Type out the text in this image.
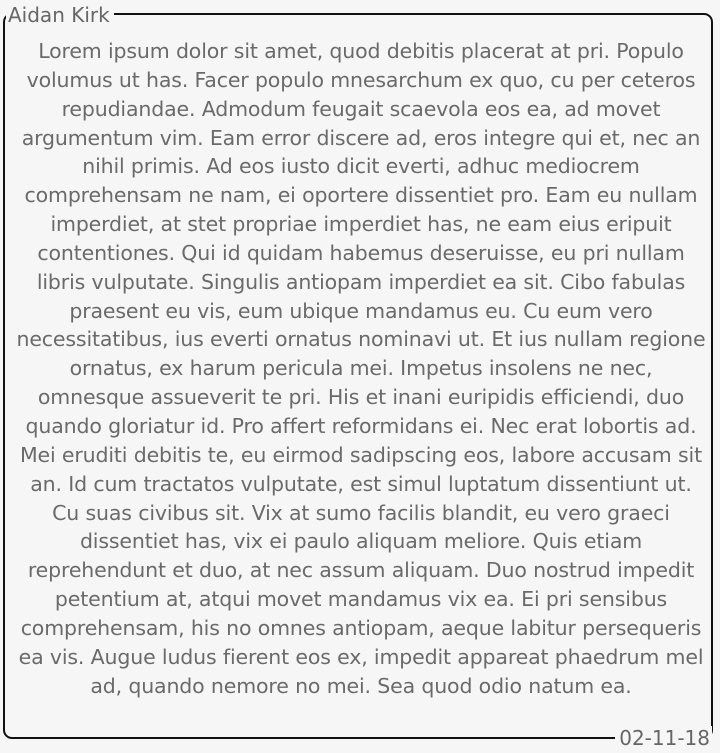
Aidan Kirk

Lorem ipsum dolor sit amet, quod debitis placerat at pri. Populo volumus ut has. Facer populo mnesarchum ex quo, cu per ceteros repudiandae. Admodum feugait scaevola eos ea, ad movet argumentum vim. Eam error discere ad, eros integre qui et, nec an nihil primis. Ad eos iusto dicit everti, adhuc mediocrem comprehensam ne nam, ei oportere dissentiet pro. Eam eu nullam imperdiet, at stet propriae imperdiet has, ne eam eius eripuit contentiones. Qui id quidam habemus deseruisse, eu pri nullam libris vulputate. Singulis antiopam imperdiet ea sit. Cibo fabulas praesent eu vis, eum ubique mandamus eu. Cu eum vero necessitatibus, ius everti ornatus nominavi ut. Et ius nullam regione ornatus, ex harum pericula mei. Impetus insolens ne nec, omnesque assueverit te pri. His et inani euripidis efficiendi, duo quando gloriatur id. Pro affert reformidans ei. Nec erat lobortis ad. Mei eruditi debitis te, eu eirmod sadipscing eos, labore accusam sit an. Id cum tractatos vulputate, est simul luptatum dissentiunt ut. Cu suas civibus sit. Vix at sumo facilis blandit, eu vero graeci dissentiet has, vix ei paulo aliquam meliore. Quis etiam reprehendunt et duo, at nec assum aliquam. Duo nostrud impedit petentium at, atqui movet mandamus vix ea. Ei pri sensibus comprehensam, his no omnes antiopam, aeque labitur persequeris ea vis. Augue ludus fierent eos ex, impedit appareat phaedrum mel ad, quando nemore no mei. Sea quod odio natum ea.

02-11-18
